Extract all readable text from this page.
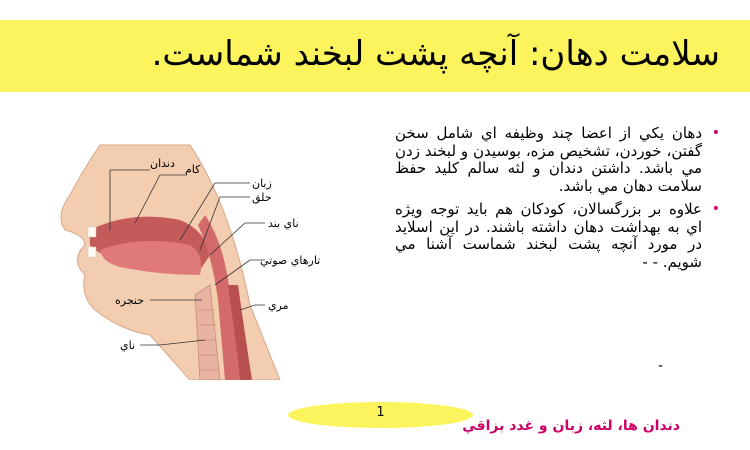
سلامت دهان: آنچه پشت لبخند شماست.
دندان كام
زبان
حلق
ناي بند
تارهاي صوتي
حنجره	مري
ناي
•
دهان يكي از اعضا چند وظيفه اي شامل سخن گفتن، خوردن، تشخيص مزه، بوسيدن و لبخند زدن مي باشد. داشتن دندان و لثه سالم كليد حفظ سلامت دهان مي باشد.
•
علاوه بر بزرگسالان، كودكان هم بايد توجه ويژه اي به بهداشت دهان داشته باشند. در اين اسلايد در مورد آنچه پشت لبخند شماست آشنا مي شويم. - -
-
1
دندان ها، لثه، زبان و غدد بزاقي
